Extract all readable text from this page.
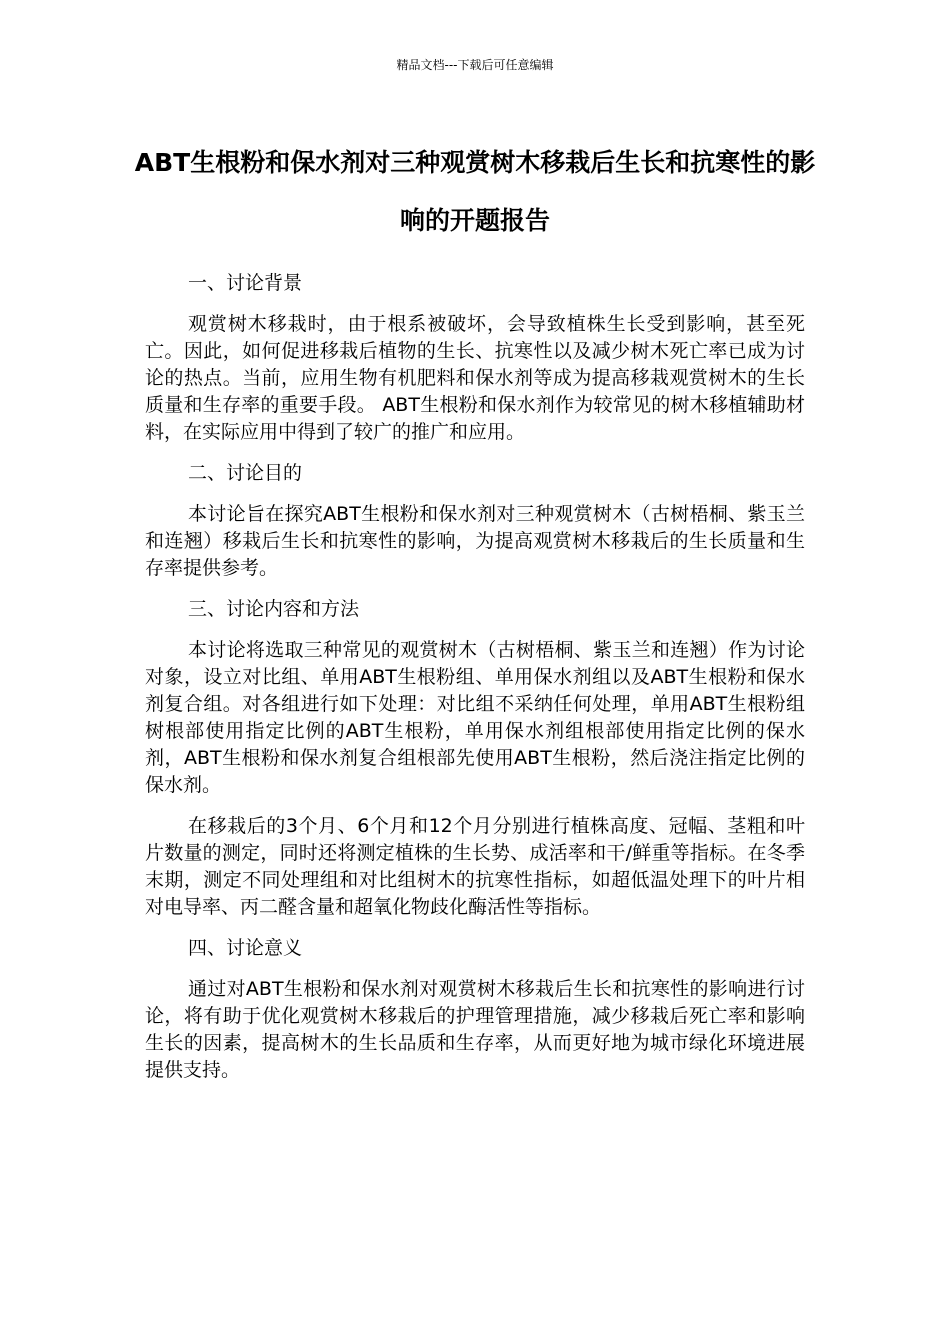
精品文档---下载后可任意编辑
ABT生根粉和保水剂对三种观赏树木移栽后生长和抗寒性的影响的开题报告

一、讨论背景

观赏树木移栽时，由于根系被破坏，会导致植株生长受到影响，甚至死亡。因此，如何促进移栽后植物的生长、抗寒性以及减少树木死亡率已成为讨论的热点。当前，应用生物有机肥料和保水剂等成为提高移栽观赏树木的生长质量和生存率的重要手段。 ABT生根粉和保水剂作为较常见的树木移植辅助材料，在实际应用中得到了较广的推广和应用。

二、讨论目的

本讨论旨在探究ABT生根粉和保水剂对三种观赏树木（古树梧桐、紫玉兰和连翘）移栽后生长和抗寒性的影响，为提高观赏树木移栽后的生长质量和生存率提供参考。

三、讨论内容和方法

本讨论将选取三种常见的观赏树木（古树梧桐、紫玉兰和连翘）作为讨论对象，设立对比组、单用ABT生根粉组、单用保水剂组以及ABT生根粉和保水剂复合组。对各组进行如下处理：对比组不采纳任何处理，单用ABT生根粉组树根部使用指定比例的ABT生根粉，单用保水剂组根部使用指定比例的保水剂，ABT生根粉和保水剂复合组根部先使用ABT生根粉，然后浇注指定比例的保水剂。

在移栽后的3个月、6个月和12个月分别进行植株高度、冠幅、茎粗和叶片数量的测定，同时还将测定植株的生长势、成活率和干/鲜重等指标。在冬季末期，测定不同处理组和对比组树木的抗寒性指标，如超低温处理下的叶片相对电导率、丙二醛含量和超氧化物歧化酶活性等指标。

四、讨论意义

通过对ABT生根粉和保水剂对观赏树木移栽后生长和抗寒性的影响进行讨论，将有助于优化观赏树木移栽后的护理管理措施，减少移栽后死亡率和影响生长的因素，提高树木的生长品质和生存率，从而更好地为城市绿化环境进展提供支持。
